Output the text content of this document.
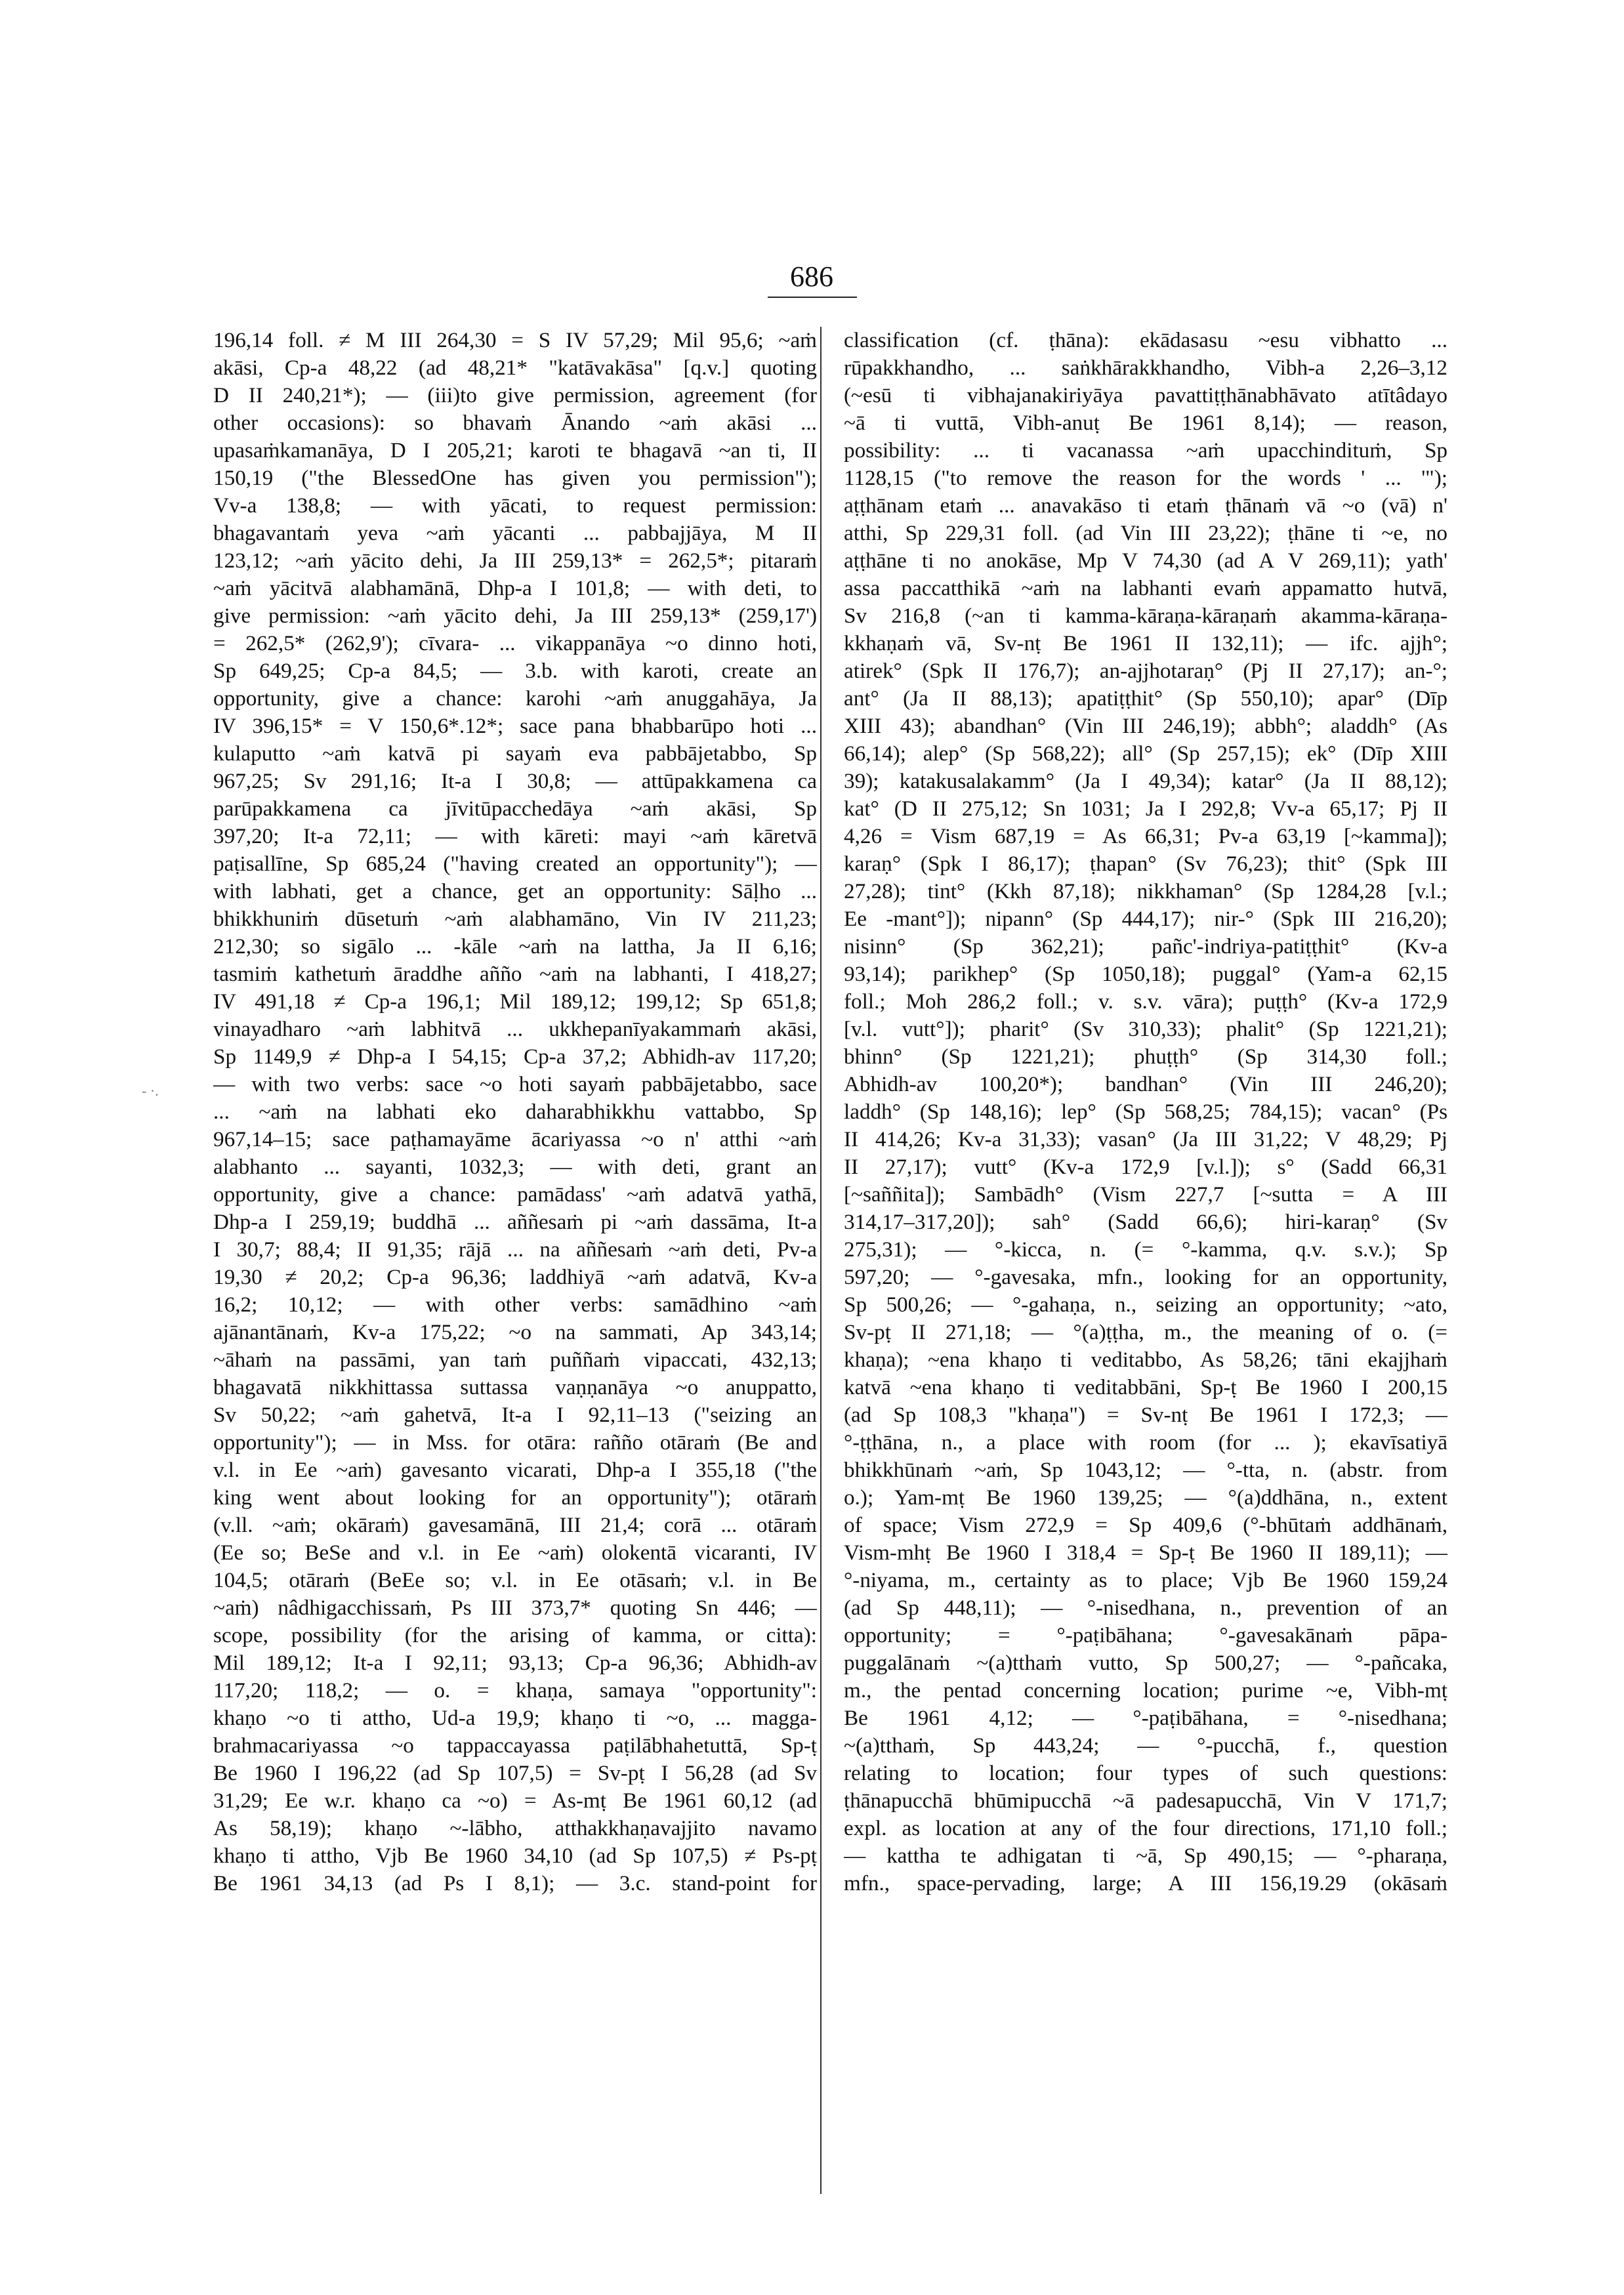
686
- ·.
196,14 foll. ≠ M III 264,30 = S IV 57,29; Mil 95,6; ~aṁ
akāsi, Cp-a 48,22 (ad 48,21* "katāvakāsa" [q.v.] quoting
D II 240,21*); — (iii)to give permission, agreement (for
other occasions): so bhavaṁ Ānando ~aṁ akāsi ...
upasaṁkamanāya, D I 205,21; karoti te bhagavā ~an ti, II
150,19 ("the BlessedOne has given you permission");
Vv-a 138,8; — with yācati, to request permission:
bhagavantaṁ yeva ~aṁ yācanti ... pabbajjāya, M II
123,12; ~aṁ yācito dehi, Ja III 259,13* = 262,5*; pitaraṁ
~aṁ yācitvā alabhamānā, Dhp-a I 101,8; — with deti, to
give permission: ~aṁ yācito dehi, Ja III 259,13* (259,17')
= 262,5* (262,9'); cīvara- ... vikappanāya ~o dinno hoti,
Sp 649,25; Cp-a 84,5; — 3.b. with karoti, create an
opportunity, give a chance: karohi ~aṁ anuggahāya, Ja
IV 396,15* = V 150,6*.12*; sace pana bhabbarūpo hoti ...
kulaputto ~aṁ katvā pi sayaṁ eva pabbājetabbo, Sp
967,25; Sv 291,16; It-a I 30,8; — attūpakkamena ca
parūpakkamena ca jīvitūpacchedāya ~aṁ akāsi, Sp
397,20; It-a 72,11; — with kāreti: mayi ~aṁ kāretvā
paṭisallīne, Sp 685,24 ("having created an opportunity"); —
with labhati, get a chance, get an opportunity: Sāḷho ...
bhikkhuniṁ dūsetuṁ ~aṁ alabhamāno, Vin IV 211,23;
212,30; so sigālo ... -kāle ~aṁ na lattha, Ja II 6,16;
tasmiṁ kathetuṁ āraddhe añño ~aṁ na labhanti, I 418,27;
IV 491,18 ≠ Cp-a 196,1; Mil 189,12; 199,12; Sp 651,8;
vinayadharo ~aṁ labhitvā ... ukkhepanīyakammaṁ akāsi,
Sp 1149,9 ≠ Dhp-a I 54,15; Cp-a 37,2; Abhidh-av 117,20;
— with two verbs: sace ~o hoti sayaṁ pabbājetabbo, sace
... ~aṁ na labhati eko daharabhikkhu vattabbo, Sp
967,14–15; sace paṭhamayāme ācariyassa ~o n' atthi ~aṁ
alabhanto ... sayanti, 1032,3; — with deti, grant an
opportunity, give a chance: pamādass' ~aṁ adatvā yathā,
Dhp-a I 259,19; buddhā ... aññesaṁ pi ~aṁ dassāma, It-a
I 30,7; 88,4; II 91,35; rājā ... na aññesaṁ ~aṁ deti, Pv-a
19,30 ≠ 20,2; Cp-a 96,36; laddhiyā ~aṁ adatvā, Kv-a
16,2; 10,12; — with other verbs: samādhino ~aṁ
ajānantānaṁ, Kv-a 175,22; ~o na sammati, Ap 343,14;
~āhaṁ na passāmi, yan taṁ puññaṁ vipaccati, 432,13;
bhagavatā nikkhittassa suttassa vaṇṇanāya ~o anuppatto,
Sv 50,22; ~aṁ gahetvā, It-a I 92,11–13 ("seizing an
opportunity"); — in Mss. for otāra: rañño otāraṁ (Be and
v.l. in Ee ~aṁ) gavesanto vicarati, Dhp-a I 355,18 ("the
king went about looking for an opportunity"); otāraṁ
(v.ll. ~aṁ; okāraṁ) gavesamānā, III 21,4; corā ... otāraṁ
(Ee so; BeSe and v.l. in Ee ~aṁ) olokentā vicaranti, IV
104,5; otāraṁ (BeEe so; v.l. in Ee otāsaṁ; v.l. in Be
~aṁ) nâdhigacchissaṁ, Ps III 373,7* quoting Sn 446; —
scope, possibility (for the arising of kamma, or citta):
Mil 189,12; It-a I 92,11; 93,13; Cp-a 96,36; Abhidh-av
117,20; 118,2; — o. = khaṇa, samaya "opportunity":
khaṇo ~o ti attho, Ud-a 19,9; khaṇo ti ~o, ... magga-
brahmacariyassa ~o tappaccayassa paṭilābhahetuttā, Sp-ṭ
Be 1960 I 196,22 (ad Sp 107,5) = Sv-pṭ I 56,28 (ad Sv
31,29; Ee w.r. khaṇo ca ~o) = As-mṭ Be 1961 60,12 (ad
As 58,19); khaṇo ~-lābho, atthakkhaṇavajjito navamo
khaṇo ti attho, Vjb Be 1960 34,10 (ad Sp 107,5) ≠ Ps-pṭ
Be 1961 34,13 (ad Ps I 8,1); — 3.c. stand-point for
classification (cf. ṭhāna): ekādasasu ~esu vibhatto ...
rūpakkhandho, ... saṅkhārakkhandho, Vibh-a 2,26–3,12
(~esū ti vibhajanakiriyāya pavattiṭṭhānabhāvato atītâdayo
~ā ti vuttā, Vibh-anuṭ Be 1961 8,14); — reason,
possibility: ... ti vacanassa ~aṁ upacchindituṁ, Sp
1128,15 ("to remove the reason for the words ' ... '");
aṭṭhānam etaṁ ... anavakāso ti etaṁ ṭhānaṁ vā ~o (vā) n'
atthi, Sp 229,31 foll. (ad Vin III 23,22); ṭhāne ti ~e, no
aṭṭhāne ti no anokāse, Mp V 74,30 (ad A V 269,11); yath'
assa paccatthikā ~aṁ na labhanti evaṁ appamatto hutvā,
Sv 216,8 (~an ti kamma-kāraṇa-kāraṇaṁ akamma-kāraṇa-
kkhaṇaṁ vā, Sv-nṭ Be 1961 II 132,11); — ifc. ajjh°;
atirek° (Spk II 176,7); an-ajjhotaraṇ° (Pj II 27,17); an-°;
ant° (Ja II 88,13); apatiṭṭhit° (Sp 550,10); apar° (Dīp
XIII 43); abandhan° (Vin III 246,19); abbh°; aladdh° (As
66,14); alep° (Sp 568,22); all° (Sp 257,15); ek° (Dīp XIII
39); katakusalakamm° (Ja I 49,34); katar° (Ja II 88,12);
kat° (D II 275,12; Sn 1031; Ja I 292,8; Vv-a 65,17; Pj II
4,26 = Vism 687,19 = As 66,31; Pv-a 63,19 [~kamma]);
karaṇ° (Spk I 86,17); ṭhapan° (Sv 76,23); thit° (Spk III
27,28); tint° (Kkh 87,18); nikkhaman° (Sp 1284,28 [v.l.;
Ee -mant°]); nipann° (Sp 444,17); nir-° (Spk III 216,20);
nisinn° (Sp 362,21); pañc'-indriya-patiṭṭhit° (Kv-a
93,14); parikhep° (Sp 1050,18); puggal° (Yam-a 62,15
foll.; Moh 286,2 foll.; v. s.v. vāra); puṭṭh° (Kv-a 172,9
[v.l. vutt°]); pharit° (Sv 310,33); phalit° (Sp 1221,21);
bhinn° (Sp 1221,21); phuṭṭh° (Sp 314,30 foll.;
Abhidh-av 100,20*); bandhan° (Vin III 246,20);
laddh° (Sp 148,16); lep° (Sp 568,25; 784,15); vacan° (Ps
II 414,26; Kv-a 31,33); vasan° (Ja III 31,22; V 48,29; Pj
II 27,17); vutt° (Kv-a 172,9 [v.l.]); s° (Sadd 66,31
[~saññita]); Sambādh° (Vism 227,7 [~sutta = A III
314,17–317,20]); sah° (Sadd 66,6); hiri-karaṇ° (Sv
275,31); — °-kicca, n. (= °-kamma, q.v. s.v.); Sp
597,20; — °-gavesaka, mfn., looking for an opportunity,
Sp 500,26; — °-gahaṇa, n., seizing an opportunity; ~ato,
Sv-pṭ II 271,18; — °(a)ṭṭha, m., the meaning of o. (=
khaṇa); ~ena khaṇo ti veditabbo, As 58,26; tāni ekajjhaṁ
katvā ~ena khaṇo ti veditabbāni, Sp-ṭ Be 1960 I 200,15
(ad Sp 108,3 "khaṇa") = Sv-nṭ Be 1961 I 172,3; —
°-ṭṭhāna, n., a place with room (for ... ); ekavīsatiyā
bhikkhūnaṁ ~aṁ, Sp 1043,12; — °-tta, n. (abstr. from
o.); Yam-mṭ Be 1960 139,25; — °(a)ddhāna, n., extent
of space; Vism 272,9 = Sp 409,6 (°-bhūtaṁ addhānaṁ,
Vism-mhṭ Be 1960 I 318,4 = Sp-ṭ Be 1960 II 189,11); —
°-niyama, m., certainty as to place; Vjb Be 1960 159,24
(ad Sp 448,11); — °-nisedhana, n., prevention of an
opportunity; = °-paṭibāhana; °-gavesakānaṁ pāpa-
puggalānaṁ ~(a)tthaṁ vutto, Sp 500,27; — °-pañcaka,
m., the pentad concerning location; purime ~e, Vibh-mṭ
Be 1961 4,12; — °-paṭibāhana, = °-nisedhana;
~(a)tthaṁ, Sp 443,24; — °-pucchā, f., question
relating to location; four types of such questions:
ṭhānapucchā bhūmipucchā ~ā padesapucchā, Vin V 171,7;
expl. as location at any of the four directions, 171,10 foll.;
— kattha te adhigatan ti ~ā, Sp 490,15; — °-pharaṇa,
mfn., space-pervading, large; A III 156,19.29 (okāsaṁ
